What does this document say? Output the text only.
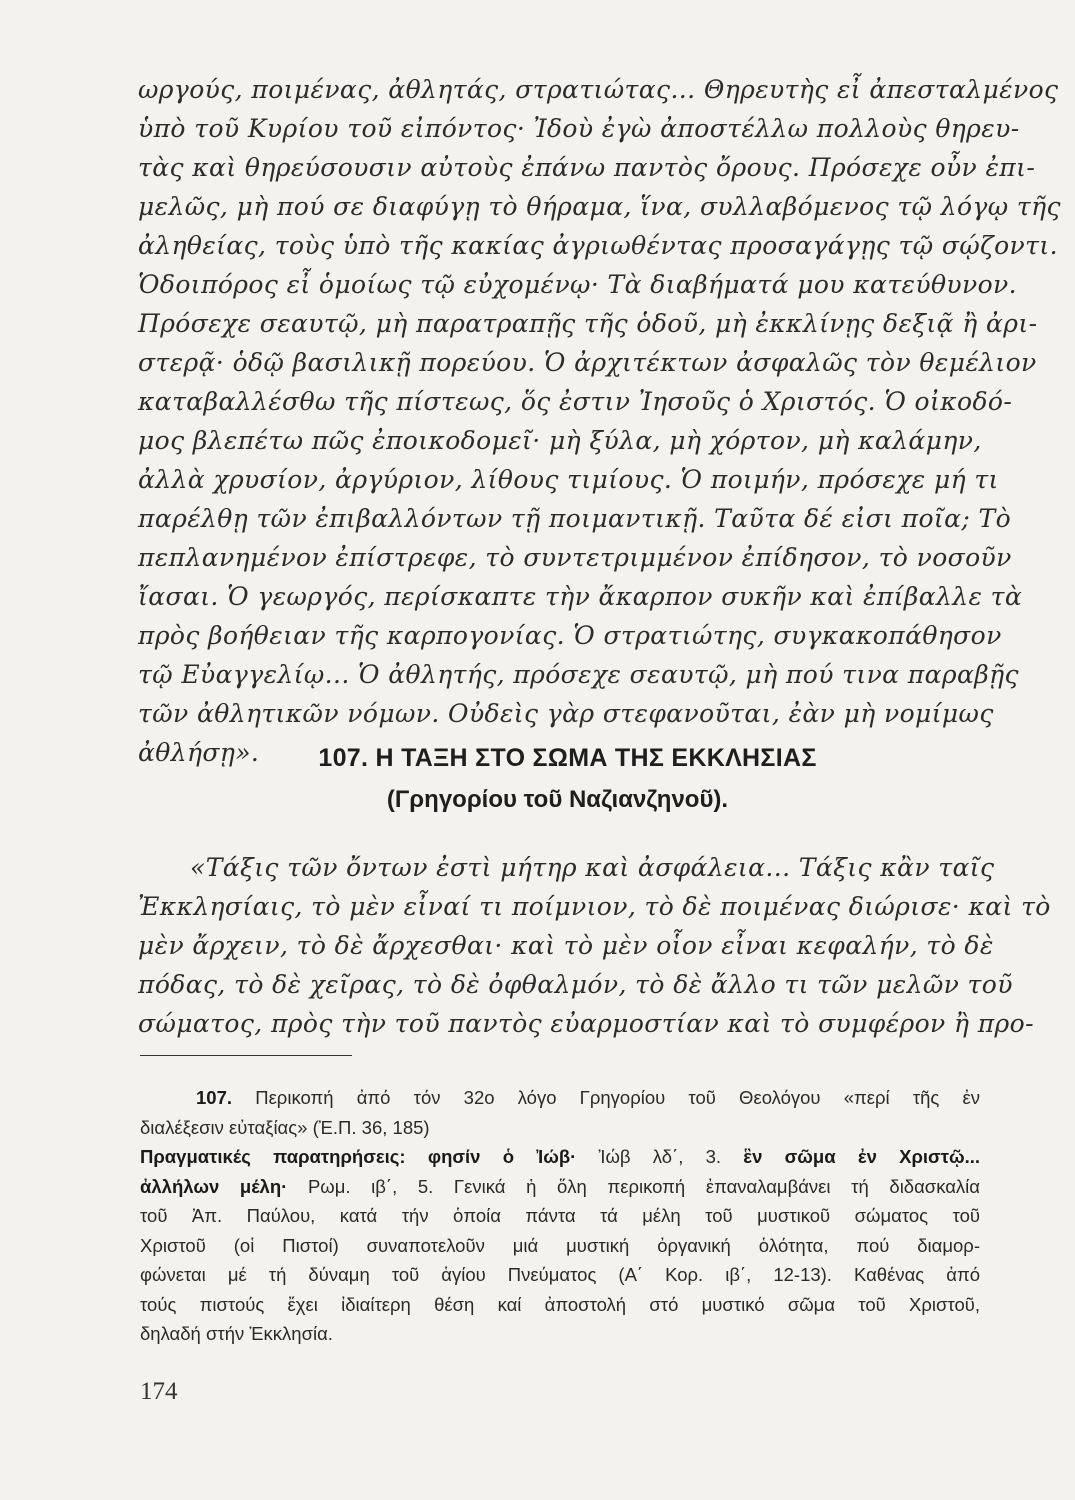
ωργούς, ποιμένας, ἀθλητάς, στρατιώτας... Θηρευτὴς εἶ ἀπεσταλμένος
ὑπὸ τοῦ Κυρίου τοῦ εἰπόντος· Ἰδοὺ ἐγὼ ἀποστέλλω πολλοὺς θηρευ-
τὰς καὶ θηρεύσουσιν αὐτοὺς ἐπάνω παντὸς ὄρους. Πρόσεχε οὖν ἐπι-
μελῶς, μὴ πού σε διαφύγῃ τὸ θήραμα, ἵνα, συλλαβόμενος τῷ λόγῳ τῆς
ἀληθείας, τοὺς ὑπὸ τῆς κακίας ἀγριωθέντας προσαγάγῃς τῷ σῴζοντι.
Ὁδοιπόρος εἶ ὁμοίως τῷ εὐχομένῳ· Τὰ διαβήματά μου κατεύθυνον.
Πρόσεχε σεαυτῷ, μὴ παρατραπῇς τῆς ὁδοῦ, μὴ ἐκκλίνῃς δεξιᾷ ἢ ἀρι-
στερᾷ· ὁδῷ βασιλικῇ πορεύου. Ὁ ἀρχιτέκτων ἀσφαλῶς τὸν θεμέλιον
καταβαλλέσθω τῆς πίστεως, ὅς ἐστιν Ἰησοῦς ὁ Χριστός. Ὁ οἰκοδό-
μος βλεπέτω πῶς ἐποικοδομεῖ· μὴ ξύλα, μὴ χόρτον, μὴ καλάμην,
ἀλλὰ χρυσίον, ἀργύριον, λίθους τιμίους. Ὁ ποιμήν, πρόσεχε μή τι
παρέλθῃ τῶν ἐπιβαλλόντων τῇ ποιμαντικῇ. Ταῦτα δέ εἰσι ποῖα; Τὸ
πεπλανημένον ἐπίστρεφε, τὸ συντετριμμένον ἐπίδησον, τὸ νοσοῦν
ἴασαι. Ὁ γεωργός, περίσκαπτε τὴν ἄκαρπον συκῆν καὶ ἐπίβαλλε τὰ
πρὸς βοήθειαν τῆς καρπογονίας. Ὁ στρατιώτης, συγκακοπάθησον
τῷ Εὐαγγελίῳ... Ὁ ἀθλητής, πρόσεχε σεαυτῷ, μὴ πού τινα παραβῇς
τῶν ἀθλητικῶν νόμων. Οὐδεὶς γὰρ στεφανοῦται, ἐὰν μὴ νομίμως
ἀθλήσῃ».	107. Η ΤΑΞΗ ΣΤΟ ΣΩΜΑ ΤΗΣ ΕΚΚΛΗΣΙΑΣ
(Γρηγορίου τοῦ Ναζιανζηνοῦ).
«Τάξις τῶν ὄντων ἐστὶ μήτηρ καὶ ἀσφάλεια... Τάξις κἂν ταῖς
Ἐκκλησίαις, τὸ μὲν εἶναί τι ποίμνιον, τὸ δὲ ποιμένας διώρισε· καὶ τὸ
μὲν ἄρχειν, τὸ δὲ ἄρχεσθαι· καὶ τὸ μὲν οἷον εἶναι κεφαλήν, τὸ δὲ
πόδας, τὸ δὲ χεῖρας, τὸ δὲ ὀφθαλμόν, τὸ δὲ ἄλλο τι τῶν μελῶν τοῦ
σώματος, πρὸς τὴν τοῦ παντὸς εὐαρμοστίαν καὶ τὸ συμφέρον ἢ προ-
107. Περικοπή ἀπό τόν 32ο λόγο Γρηγορίου τοῦ Θεολόγου «περί τῆς ἐν
διαλέξεσιν εὐταξίας» (Ἐ.Π. 36, 185)
Πραγματικές παρατηρήσεις: φησίν ὁ Ἰώβ· Ἰώβ λδ΄, 3. ἓν σῶμα ἐν Χριστῷ...
ἀλλήλων μέλη· Ρωμ. ιβ΄, 5. Γενικά ἡ ὅλη περικοπή ἐπαναλαμβάνει τή διδασκαλία
τοῦ Ἀπ. Παύλου, κατά τήν ὁποία πάντα τά μέλη τοῦ μυστικοῦ σώματος τοῦ
Χριστοῦ (οἱ Πιστοί) συναποτελοῦν μιά μυστική ὀργανική ὁλότητα, πού διαμορ-
φώνεται μέ τή δύναμη τοῦ ἁγίου Πνεύματος (Α΄ Κορ. ιβ΄, 12-13). Καθένας ἀπό
τούς πιστούς ἔχει ἰδιαίτερη θέση καί ἀποστολή στό μυστικό σῶμα τοῦ Χριστοῦ,
δηλαδή στήν Ἐκκλησία.
174
